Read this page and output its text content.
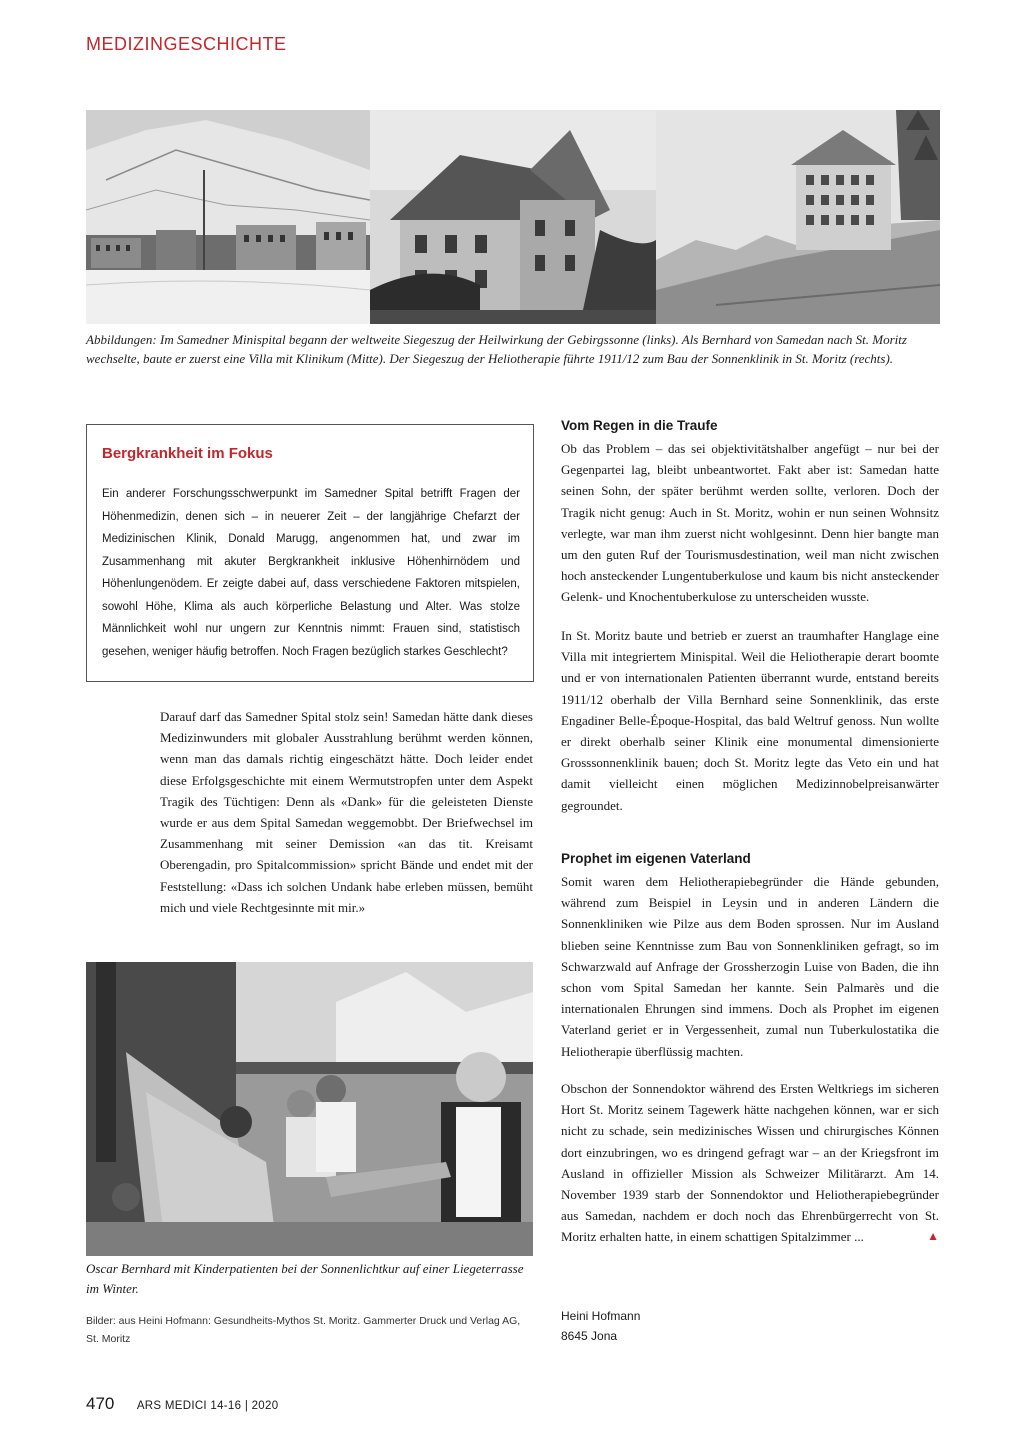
MEDIZINGESCHICHTE
Abbildungen: Im Samedner Minispital begann der weltweite Siegeszug der Heilwirkung der Gebirgssonne (links). Als Bernhard von Samedan nach St. Moritz wechselte, baute er zuerst eine Villa mit Klinikum (Mitte). Der Siegeszug der Heliotherapie führte 1911/12 zum Bau der Sonnenklinik in St. Moritz (rechts).
Bergkrankheit im Fokus
Ein anderer Forschungsschwerpunkt im Samedner Spital betrifft Fragen der Höhenmedizin, denen sich – in neuerer Zeit – der langjährige Chefarzt der Medizinischen Klinik, Donald Marugg, angenommen hat, und zwar im Zusammenhang mit akuter Bergkrankheit inklusive Höhenhirnödem und Höhenlungenödem. Er zeigte dabei auf, dass verschiedene Faktoren mitspielen, sowohl Höhe, Klima als auch körperliche Belastung und Alter. Was stolze Männlichkeit wohl nur ungern zur Kenntnis nimmt: Frauen sind, statistisch gesehen, weniger häufig betroffen. Noch Fragen bezüglich starkes Geschlecht?

Darauf darf das Samedner Spital stolz sein! Samedan hätte dank dieses Medizinwunders mit globaler Ausstrahlung berühmt werden können, wenn man das damals richtig eingeschätzt hätte. Doch leider endet diese Erfolgsgeschichte mit einem Wermutstropfen unter dem Aspekt Tragik des Tüchtigen: Denn als «Dank» für die geleisteten Dienste wurde er aus dem Spital Samedan weggemobbt. Der Briefwechsel im Zusammenhang mit seiner Demission «an das tit. Kreisamt Oberengadin, pro Spitalcommission» spricht Bände und endet mit der Feststellung: «Dass ich solchen Undank habe erleben müssen, bemüht mich und viele Rechtgesinnte mit mir.»

Oscar Bernhard mit Kinderpatienten bei der Sonnenlichtkur auf einer Liegeterrasse im Winter.
Bilder: aus Heini Hofmann: Gesundheits-Mythos St. Moritz. Gammerter Druck und Verlag AG, St. Moritz
Vom Regen in die Traufe

Ob das Problem – das sei objektivitätshalber angefügt – nur bei der Gegenpartei lag, bleibt unbeantwortet. Fakt aber ist: Samedan hatte seinen Sohn, der später berühmt werden sollte, verloren. Doch der Tragik nicht genug: Auch in St. Moritz, wohin er nun seinen Wohnsitz verlegte, war man ihm zuerst nicht wohlgesinnt. Denn hier bangte man um den guten Ruf der Tourismusdestination, weil man nicht zwischen hoch ansteckender Lungentuberkulose und kaum bis nicht ansteckender Gelenk- und Knochentuberkulose zu unterscheiden wusste.

In St. Moritz baute und betrieb er zuerst an traumhafter Hanglage eine Villa mit integriertem Minispital. Weil die Heliotherapie derart boomte und er von internationalen Patienten überrannt wurde, entstand bereits 1911/12 oberhalb der Villa Bernhard seine Sonnenklinik, das erste Engadiner Belle-Époque-Hospital, das bald Weltruf genoss. Nun wollte er direkt oberhalb seiner Klinik eine monumental dimensionierte Grosssonnenklinik bauen; doch St. Moritz legte das Veto ein und hat damit vielleicht einen möglichen Medizinnobelpreisanwärter gegroundet.

Prophet im eigenen Vaterland

Somit waren dem Heliotherapiebegründer die Hände gebunden, während zum Beispiel in Leysin und in anderen Ländern die Sonnenkliniken wie Pilze aus dem Boden sprossen. Nur im Ausland blieben seine Kenntnisse zum Bau von Sonnenkliniken gefragt, so im Schwarzwald auf Anfrage der Grossherzogin Luise von Baden, die ihn schon vom Spital Samedan her kannte. Sein Palmarès und die internationalen Ehrungen sind immens. Doch als Prophet im eigenen Vaterland geriet er in Vergessenheit, zumal nun Tuberkulostatika die Heliotherapie überflüssig machten.

Obschon der Sonnendoktor während des Ersten Weltkriegs im sicheren Hort St. Moritz seinem Tagewerk hätte nachgehen können, war er sich nicht zu schade, sein medizinisches Wissen und chirurgisches Können dort einzubringen, wo es dringend gefragt war – an der Kriegsfront im Ausland in offizieller Mission als Schweizer Militärarzt. Am 14. November 1939 starb der Sonnendoktor und Heliotherapiebegründer aus Samedan, nachdem er doch noch das Ehrenbürgerrecht von St. Moritz erhalten hatte, in einem schattigen Spitalzimmer ...	▲

Heini Hofmann
8645 Jona
470 ARS MEDICI 14-16 | 2020
